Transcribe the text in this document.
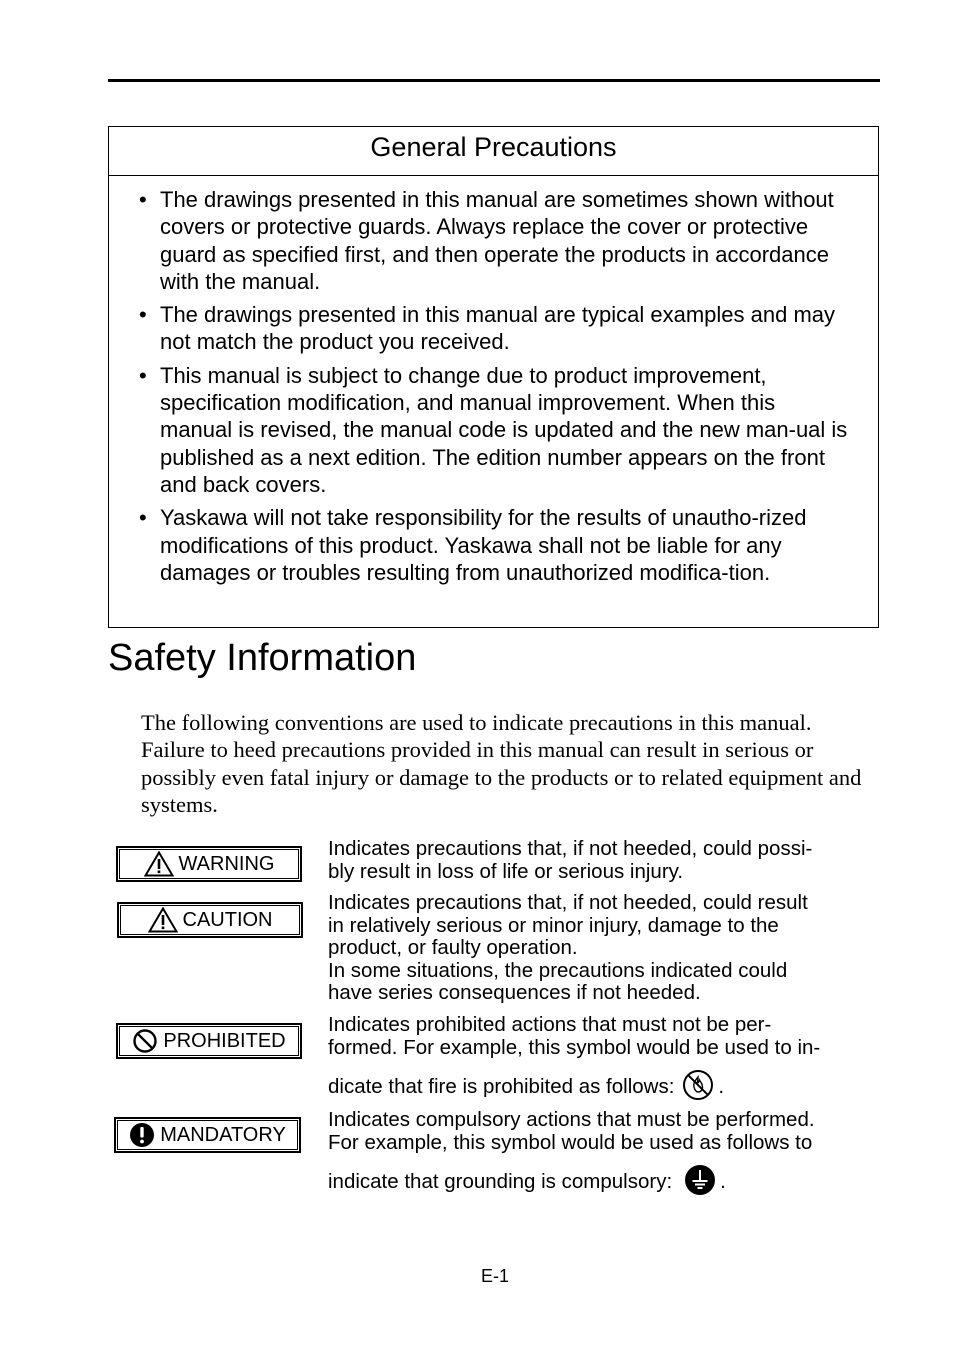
General Precautions
• The drawings presented in this manual are sometimes shown without covers or protective guards. Always replace the cover or protective guard as specified first, and then operate the products in accordance with the manual.
• The drawings presented in this manual are typical examples and may not match the product you received.
• This manual is subject to change due to product improvement, specification modification, and manual improvement. When this manual is revised, the manual code is updated and the new man-ual is published as a next edition. The edition number appears on the front and back covers.
• Yaskawa will not take responsibility for the results of unautho-rized modifications of this product. Yaskawa shall not be liable for any damages or troubles resulting from unauthorized modifica-tion.
Safety Information

The following conventions are used to indicate precautions in this manual. Failure to heed precautions provided in this manual can result in serious or possibly even fatal injury or damage to the products or to related equipment and systems.

WARNING
Indicates precautions that, if not heeded, could possi-
bly result in loss of life or serious injury.
CAUTION
Indicates precautions that, if not heeded, could result
in relatively serious or minor injury, damage to the
product, or faulty operation.
In some situations, the precautions indicated could
have series consequences if not heeded.
PROHIBITED
Indicates prohibited actions that must not be per-
formed. For example, this symbol would be used to in-
dicate that fire is prohibited as follows: .
MANDATORY
Indicates compulsory actions that must be performed.
For example, this symbol would be used as follows to
indicate that grounding is compulsory: .
E-1
